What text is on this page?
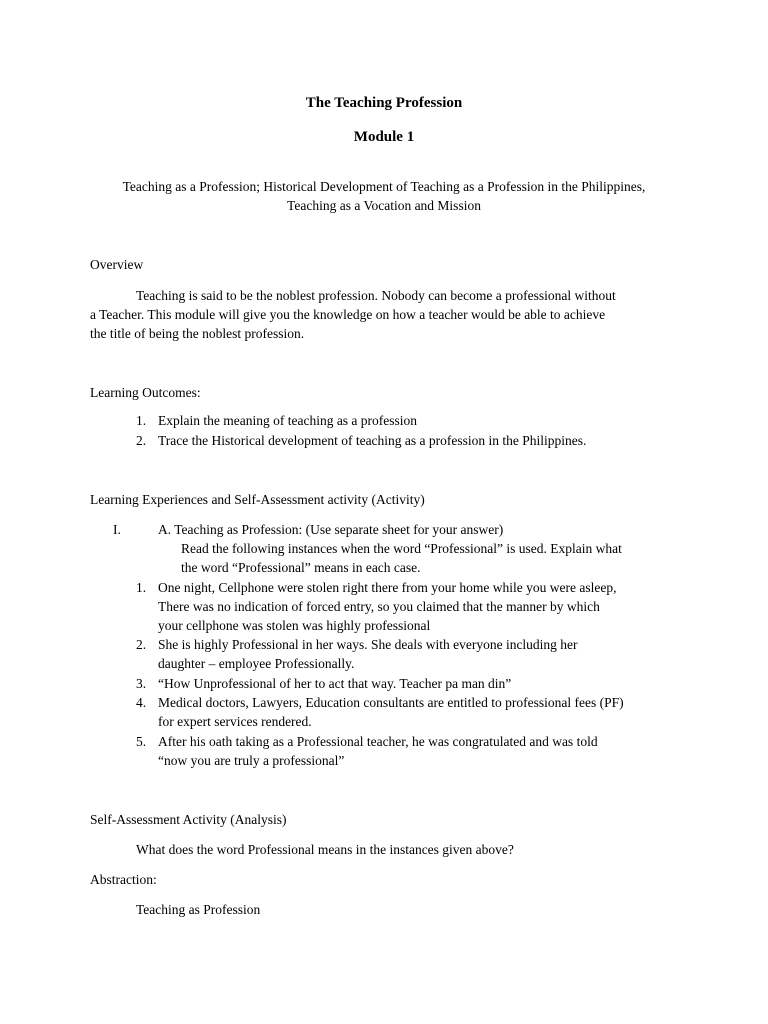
The Teaching Profession
Module 1
Teaching as a Profession; Historical Development of Teaching as a Profession in the Philippines,
Teaching as a Vocation and Mission
Overview
Teaching is said to be the noblest profession. Nobody can become a professional without
a Teacher. This module will give you the knowledge on how a teacher would be able to achieve
the title of being the noblest profession.
Learning Outcomes:
1. Explain the meaning of teaching as a profession
2. Trace the Historical development of teaching as a profession in the Philippines.
Learning Experiences and Self-Assessment activity (Activity)
I.	A. Teaching as Profession: (Use separate sheet for your answer)
Read the following instances when the word “Professional” is used. Explain what
the word “Professional” means in each case.
1. One night, Cellphone were stolen right there from your home while you were asleep,
There was no indication of forced entry, so you claimed that the manner by which
your cellphone was stolen was highly professional
2. She is highly Professional in her ways. She deals with everyone including her
daughter – employee Professionally.
3. “How Unprofessional of her to act that way. Teacher pa man din”
4. Medical doctors, Lawyers, Education consultants are entitled to professional fees (PF)
for expert services rendered.
5. After his oath taking as a Professional teacher, he was congratulated and was told
“now you are truly a professional”
Self-Assessment Activity (Analysis)
What does the word Professional means in the instances given above?
Abstraction:
Teaching as Profession
